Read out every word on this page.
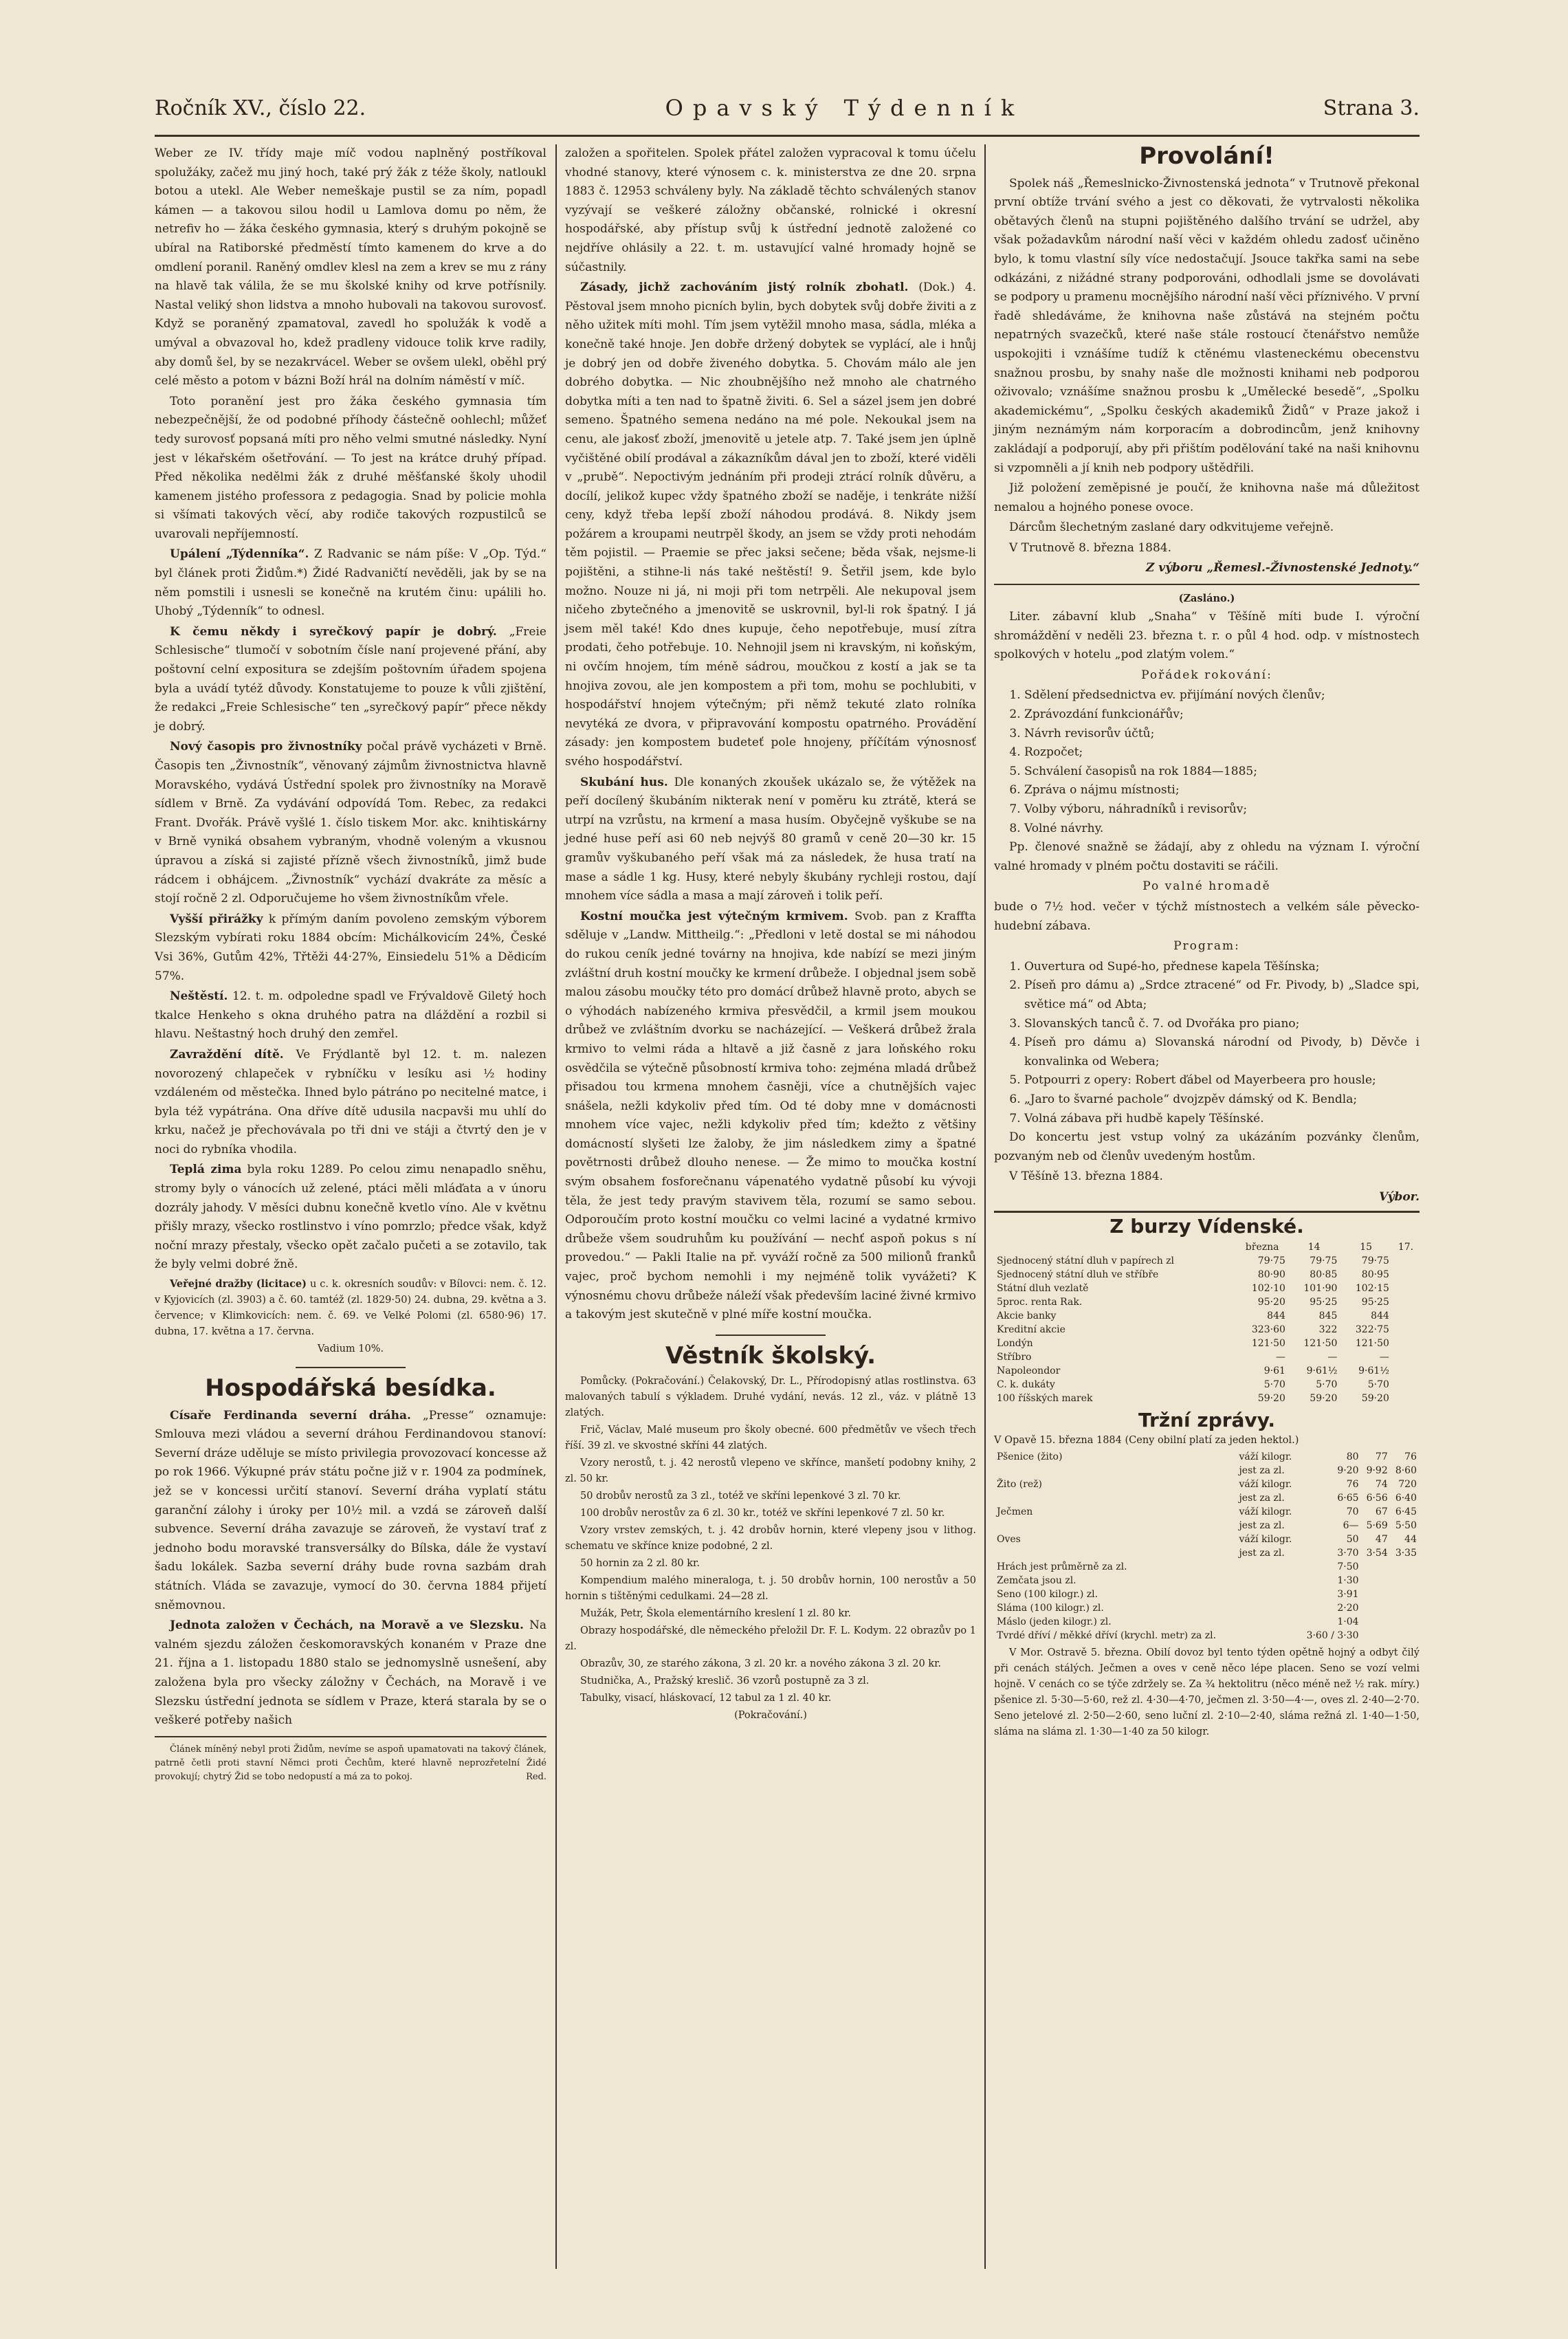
Ročník XV., číslo 22.	Opavský Týdenník	Strana 3.

Weber ze IV. třídy maje míč vodou naplněný postříkoval spolužáky, začež mu jiný hoch, také prý žák z téže školy, natloukl botou a utekl. Ale Weber nemeškaje pustil se za ním, popadl kámen — a takovou silou hodil u Lamlova domu po něm, že netrefiv ho — žáka českého gymnasia, který s druhým pokojně se ubíral na Ratiborské předměstí tímto kamenem do krve a do omdlení poranil. Raněný omdlev klesl na zem a krev se mu z rány na hlavě tak válila, že se mu školské knihy od krve potřísnily. Nastal veliký shon lidstva a mnoho hubovali na takovou surovosť. Když se poraněný zpamatoval, zavedl ho spolužák k vodě a umýval a obvazoval ho, kdež pradleny vidouce tolik krve radily, aby domů šel, by se nezakrvácel. Weber se ovšem ulekl, oběhl prý celé město a potom v bázni Boží hrál na dolním náměstí v míč.

Toto poranění jest pro žáka českého gymnasia tím nebezpečnější, že od podobné příhody částečně oohlechl; můžeť tedy surovosť popsaná míti pro něho velmi smutné následky. Nyní jest v lékařském ošetřování. — To jest na krátce druhý případ. Před několika nedělmi žák z druhé měšťanské školy uhodil kamenem jistého professora z pedagogia. Snad by policie mohla si všímati takových věcí, aby rodiče takových rozpustilců se uvarovali nepříjemností.

Upálení „Týdenníka“. Z Radvanic se nám píše: V „Op. Týd.“ byl článek proti Židům.*) Židé Radvaničtí nevěděli, jak by se na něm pomstili i usnesli se konečně na krutém činu: upálili ho. Uhobý „Týdenník“ to odnesl.

K čemu někdy i syrečkový papír je dobrý. „Freie Schlesische“ tlumočí v sobotním čísle naní projevené přání, aby poštovní celní expositura se zdejším poštovním úřadem spojena byla a uvádí tytéž důvody. Konstatujeme to pouze k vůli zjištění, že redakci „Freie Schlesische“ ten „syrečkový papír“ přece někdy je dobrý.

Nový časopis pro živnostníky počal právě vycházeti v Brně. Časopis ten „Živnostník“, věnovaný zájmům živnostnictva hlavně Moravského, vydává Ústřední spolek pro živnostníky na Moravě sídlem v Brně. Za vydávání odpovídá Tom. Rebec, za redakci Frant. Dvořák. Právě vyšlé 1. číslo tiskem Mor. akc. knihtiskárny v Brně vyniká obsahem vybraným, vhodně voleným a vkusnou úpravou a získá si zajisté přízně všech živnostníků, jimž bude rádcem i obhájcem. „Živnostník“ vychází dvakráte za měsíc a stojí ročně 2 zl. Odporučujeme ho všem živnostníkům vřele.

Vyšší přirážky k přímým daním povoleno zemským výborem Slezským vybírati roku 1884 obcím: Michálkovicím 24%, České Vsi 36%, Gutům 42%, Třtěži 44·27%, Einsiedelu 51% a Dědicím 57%.

Neštěstí. 12. t. m. odpoledne spadl ve Frývaldově Giletý hoch tkalce Henkeho s okna druhého patra na dláždění a rozbil si hlavu. Neštastný hoch druhý den zemřel.

Zavraždění dítě. Ve Frýdlantě byl 12. t. m. nalezen novorozený chlapeček v rybníčku v lesíku asi ½ hodiny vzdáleném od městečka. Ihned bylo pátráno po necitelné matce, i byla též vypátrána. Ona dříve dítě udusila nacpavši mu uhlí do krku, načež je přechovávala po tři dni ve stáji a čtvrtý den je v noci do rybníka vhodila.

Teplá zima byla roku 1289. Po celou zimu nenapadlo sněhu, stromy byly o vánocích už zelené, ptáci měli mláďata a v únoru dozrály jahody. V měsíci dubnu konečně kvetlo víno. Ale v květnu přišly mrazy, všecko rostlinstvo i víno pomrzlo; předce však, když noční mrazy přestaly, všecko opět začalo pučeti a se zotavilo, tak že byly velmi dobré žně.

Veřejné dražby (licitace) u c. k. okresních soudův: v Bílovci: nem. č. 12. v Kyjovicích (zl. 3903) a č. 60. tamtéž (zl. 1829·50) 24. dubna, 29. května a 3. července; v Klimkovicích: nem. č. 69. ve Velké Polomi (zl. 6580·96) 17. dubna, 17. května a 17. června.

Vadium 10%.

Hospodářská besídka.

Císaře Ferdinanda severní dráha. „Presse“ oznamuje: Smlouva mezi vládou a severní dráhou Ferdinandovou stanoví: Severní dráze uděluje se místo privilegia provozovací koncesse až po rok 1966. Výkupné práv státu počne již v r. 1904 za podmínek, jež se v koncessi určití stanoví. Severní dráha vyplatí státu garanční zálohy i úroky per 10½ mil. a vzdá se zároveň další subvence. Severní dráha zavazuje se zároveň, že vystaví trať z jednoho bodu moravské transversálky do Bílska, dále že vystaví šadu lokálek. Sazba severní dráhy bude rovna sazbám drah státních. Vláda se zavazuje, vymocí do 30. června 1884 přijetí sněmovnou.

Jednota založen v Čechách, na Moravě a ve Slezsku. Na valném sjezdu záložen českomoravských konaném v Praze dne 21. října a 1. listopadu 1880 stalo se jednomyslně usnešení, aby založena byla pro všecky záložny v Čechách, na Moravě i ve Slezsku ústřední jednota se sídlem v Praze, která starala by se o veškeré potřeby našich

Článek míněný nebyl proti Židům, nevíme se aspoň upamatovati na takový článek, patrně četli proti stavní Němci proti Čechům, které hlavně neprozřetelní Židé provokují; chytrý Žid se tobo nedopustí a má za to pokoj.	Red.

založen a spořitelen. Spolek přátel založen vypracoval k tomu účelu vhodné stanovy, které výnosem c. k. ministerstva ze dne 20. srpna 1883 č. 12953 schváleny byly. Na základě těchto schválených stanov vyzývají se veškeré záložny občanské, rolnické i okresní hospodářské, aby přístup svůj k ústřední jednotě založené co nejdříve ohlásily a 22. t. m. ustavující valné hromady hojně se súčastnily.

Zásady, jichž zachováním jistý rolník zbohatl. (Dok.) 4. Pěstoval jsem mnoho picních bylin, bych dobytek svůj dobře živiti a z něho užitek míti mohl. Tím jsem vytěžil mnoho masa, sádla, mléka a konečně také hnoje. Jen dobře držený dobytek se vyplácí, ale i hnůj je dobrý jen od dobře živeného dobytka. 5. Chovám málo ale jen dobrého dobytka. — Nic zhoubnějšího než mnoho ale chatrného dobytka míti a ten nad to špatně živiti. 6. Sel a sázel jsem jen dobré semeno. Špatného semena nedáno na mé pole. Nekoukal jsem na cenu, ale jakosť zboží, jmenovitě u jetele atp. 7. Také jsem jen úplně vyčištěné obilí prodával a zákazníkům dával jen to zboží, které viděli v „prubě“. Nepoctivým jednáním při prodeji ztrácí rolník důvěru, a docílí, jelikož kupec vždy špatného zboží se naděje, i tenkráte nižší ceny, když třeba lepší zboží náhodou prodává. 8. Nikdy jsem požárem a kroupami neutrpěl škody, an jsem se vždy proti nehodám těm pojistil. — Praemie se přec jaksi sečene; běda však, nejsme-li pojištěni, a stihne-li nás také neštěstí! 9. Šetřil jsem, kde bylo možno. Nouze ni já, ni moji při tom netrpěli. Ale nekupoval jsem ničeho zbytečného a jmenovitě se uskrovnil, byl-li rok špatný. I já jsem měl také! Kdo dnes kupuje, čeho nepotřebuje, musí zítra prodati, čeho potřebuje. 10. Nehnojil jsem ni kravským, ni koňským, ni ovčím hnojem, tím méně sádrou, moučkou z kostí a jak se ta hnojiva zovou, ale jen kompostem a při tom, mohu se pochlubiti, v hospodářství hnojem výtečným; při němž tekuté zlato rolníka nevytéká ze dvora, v připravování kompostu opatrného. Provádění zásady: jen kompostem budeteť pole hnojeny, příčítám výnosnosť svého hospodářství.

Skubání hus. Dle konaných zkoušek ukázalo se, že výtěžek na peří docílený škubáním nikterak není v poměru ku ztrátě, která se utrpí na vzrůstu, na krmení a masa husím. Obyčejně vyškube se na jedné huse peří asi 60 neb nejvýš 80 gramů v ceně 20—30 kr. 15 gramův vyškubaného peří však má za následek, že husa tratí na mase a sádle 1 kg. Husy, které nebyly škubány rychleji rostou, dají mnohem více sádla a masa a mají zároveň i tolik peří.

Kostní moučka jest výtečným krmivem. Svob. pan z Kraffta sděluje v „Landw. Mittheilg.“: „Předloni v letě dostal se mi náhodou do rukou ceník jedné továrny na hnojiva, kde nabízí se mezi jiným zvláštní druh kostní moučky ke krmení drůbeže. I objednal jsem sobě malou zásobu moučky této pro domácí drůbež hlavně proto, abych se o výhodách nabízeného krmiva přesvědčil, a krmil jsem moukou drůbež ve zvláštním dvorku se nacházející. — Veškerá drůbež žrala krmivo to velmi ráda a hltavě a již časně z jara loňského roku osvědčila se výtečně působností krmiva toho: zejména mladá drůbež přisadou tou krmena mnohem časněji, více a chutnějších vajec snášela, nežli kdykoliv před tím. Od té doby mne v domácnosti mnohem více vajec, nežli kdykoliv před tím; kdežto z většiny domácností slyšeti lze žaloby, že jim následkem zimy a špatné povětrnosti drůbež dlouho nenese. — Že mimo to moučka kostní svým obsahem fosforečnanu vápenatého vydatně působí ku vývoji těla, že jest tedy pravým stavivem těla, rozumí se samo sebou. Odporoučím proto kostní moučku co velmi laciné a vydatné krmivo drůbeže všem soudruhům ku používání — nechť aspoň pokus s ní provedou.“ — Pakli Italie na př. vyváží ročně za 500 milionů franků vajec, proč bychom nemohli i my nejméně tolik vyvážeti? K výnosnému chovu drůbeže náleží však především laciné živné krmivo a takovým jest skutečně v plné míře kostní moučka.

Věstník školský.

Pomůcky. (Pokračování.) Čelakovský, Dr. L., Přírodopisný atlas rostlinstva. 63 malovaných tabulí s výkladem. Druhé vydání, nevás. 12 zl., váz. v plátně 13 zlatých.

Frič, Václav, Malé museum pro školy obecné. 600 předmětův ve všech třech říší. 39 zl. ve skvostné skříni 44 zlatých.

Vzory nerostů, t. j. 42 nerostů vlepeno ve skřínce, manšetí podobny knihy, 2 zl. 50 kr.

50 drobův nerostů za 3 zl., totéž ve skříni lepenkové 3 zl. 70 kr.

100 drobův nerostův za 6 zl. 30 kr., totéž ve skříni lepenkové 7 zl. 50 kr.

Vzory vrstev zemských, t. j. 42 drobův hornin, které vlepeny jsou v lithog. schematu ve skřínce knize podobné, 2 zl.

50 hornin za 2 zl. 80 kr.

Kompendium malého mineraloga, t. j. 50 drobův hornin, 100 nerostův a 50 hornin s tištěnými cedulkami. 24—28 zl.

Mužák, Petr, Škola elementárního kreslení 1 zl. 80 kr.

Obrazy hospodářské, dle německého přeložil Dr. F. L. Kodym. 22 obrazův po 1 zl.

Obrazův, 30, ze starého zákona, 3 zl. 20 kr. a nového zákona 3 zl. 20 kr.

Studnička, A., Pražský kreslič. 36 vzorů postupně za 3 zl.

Tabulky, visací, hláskovací, 12 tabul za 1 zl. 40 kr.

(Pokračování.)

Provolání!

Spolek náš „Řemeslnicko-Živnostenská jednota“ v Trutnově překonal první obtíže trvání svého a jest co děkovati, že vytrvalosti několika obětavých členů na stupni pojištěného dalšího trvání se udržel, aby však požadavkům národní naší věci v každém ohledu zadosť učiněno bylo, k tomu vlastní síly více nedostačují. Jsouce takřka sami na sebe odkázáni, z nižádné strany podporováni, odhodlali jsme se dovolávati se podpory u pramenu mocnějšího národní naší věci příznivého. V první řadě shledáváme, že knihovna naše zůstává na stejném počtu nepatrných svazečků, které naše stále rostoucí čtenářstvo nemůže uspokojiti i vznášíme tudíž k ctěnému vlasteneckému obecenstvu snažnou prosbu, by snahy naše dle možnosti knihami neb podporou oživovalo; vznášíme snažnou prosbu k „Umělecké besedě“, „Spolku akademickému“, „Spolku českých akademiků Židů“ v Praze jakož i jiným neznámým nám korporacím a dobrodincům, jenž knihovny zakládají a podporují, aby při přištím podělování také na naši knihovnu si vzpomněli a jí knih neb podpory uštědřili.

Již položení zeměpisné je poučí, že knihovna naše má důležitost nemalou a hojného ponese ovoce.

Dárcům šlechetným zaslané dary odkvitujeme veřejně.

V Trutnově 8. března 1884.

Z výboru „Řemesl.-Živnostenské Jednoty.“

(Zasláno.)

Liter. zábavní klub „Snaha“ v Těšíně míti bude I. výroční shromáždění v neděli 23. března t. r. o půl 4 hod. odp. v místnostech spolkových v hotelu „pod zlatým volem.“

Pořádek rokování:

1. Sdělení předsednictva ev. přijímání nových členův;
2. Zprávozdání funkcionářův;
3. Návrh revisorův účtů;
4. Rozpočet;
5. Schválení časopisů na rok 1884—1885;
6. Zpráva o nájmu místnosti;
7. Volby výboru, náhradníků i revisorův;
8. Volné návrhy.

Pp. členové snažně se žádají, aby z ohledu na význam I. výroční valné hromady v plném počtu dostaviti se ráčili.

Po valné hromadě

bude o 7½ hod. večer v týchž místnostech a velkém sále pěvecko-hudební zábava.

Program:

1. Ouvertura od Supé-ho, přednese kapela Těšínska;
2. Píseň pro dámu a) „Srdce ztracené“ od Fr. Pivody, b) „Sladce spi, světice má“ od Abta;
3. Slovanských tanců č. 7. od Dvořáka pro piano;
4. Píseň pro dámu a) Slovanská národní od Pivody, b) Děvče i konvalinka od Webera;
5. Potpourri z opery: Robert ďábel od Mayerbeera pro housle;
6. „Jaro to švarné pachole“ dvojzpěv dámský od K. Bendla;
7. Volná zábava při hudbě kapely Těšínské.

Do koncertu jest vstup volný za ukázáním pozvánky členům, pozvaným neb od členův uvedeným hostům.

V Těšíně 13. března 1884.

Výbor.

Z burzy Vídenské.
	března	14	15	17.
Sjednocený státní dluh v papírech zl	79·75	79·75	79·75	
Sjednocený státní dluh ve stříbře	80·90	80·85	80·95	
Státní dluh vezlatě	102·10	101·90	102·15	
5proc. renta Rak.	95·20	95·25	95·25	
Akcie banky	844	845	844	
Kreditní akcie	323·60	322	322·75	
Londýn	121·50	121·50	121·50	
Stříbro	—	—	—	
Napoleondor	9·61	9·61½	9·61½	
C. k. dukáty	5·70	5·70	5·70	
100 říšských marek	59·20	59·20	59·20	
Tržní zprávy.

V Opavě 15. března 1884 (Ceny obilní platí za jeden hektol.)

Pšenice (žito)	váží kilogr.	80	77	76
	jest za zl.	9·20	9·92	8·60
Žito (rež)	váží kilogr.	76	74	720
	jest za zl.	6·65	6·56	6·40
Ječmen	váží kilogr.	70	67	6·45
	jest za zl.	6—	5·69	5·50
Oves	váží kilogr.	50	47	44
	jest za zl.	3·70	3·54	3·35
Hrách jest průměrně za zl.		7·50		
Zemčata jsou zl.		1·30		
Seno (100 kilogr.) zl.		3·91		
Sláma (100 kilogr.) zl.		2·20		
Máslo (jeden kilogr.) zl.		1·04		
Tvrdé dříví / měkké dříví (krychl. metr) za zl.		3·60 / 3·30		

V Mor. Ostravě 5. března. Obilí dovoz byl tento týden opětně hojný a odbyt čilý při cenách stálých. Ječmen a oves v ceně něco lépe placen. Seno se vozí velmi hojně. V cenách co se týče zdržely se. Za ¾ hektolitru (něco méně než ½ rak. míry.) pšenice zl. 5·30—5·60, rež zl. 4·30—4·70, ječmen zl. 3·50—4·—, oves zl. 2·40—2·70. Seno jetelové zl. 2·50—2·60, seno luční zl. 2·10—2·40, sláma režná zl. 1·40—1·50, sláma na sláma zl. 1·30—1·40 za 50 kilogr.
